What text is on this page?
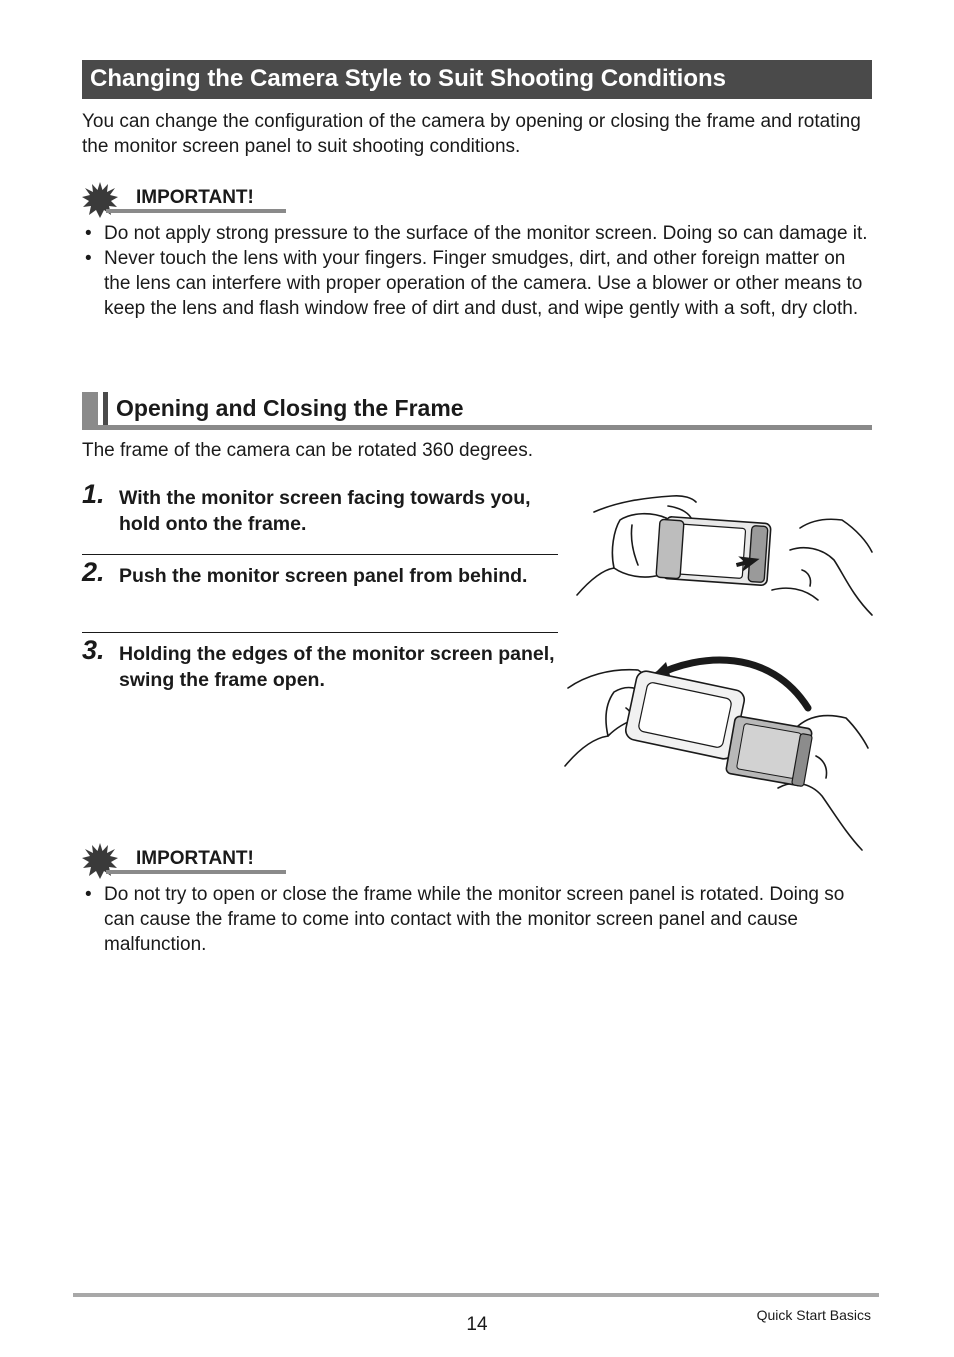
Changing the Camera Style to Suit Shooting Conditions

You can change the configuration of the camera by opening or closing the frame and rotating the monitor screen panel to suit shooting conditions.

IMPORTANT!
• Do not apply strong pressure to the surface of the monitor screen. Doing so can damage it.
• Never touch the lens with your fingers. Finger smudges, dirt, and other foreign matter on the lens can interfere with proper operation of the camera. Use a blower or other means to keep the lens and flash window free of dirt and dust, and wipe gently with a soft, dry cloth.
Opening and Closing the Frame

The frame of the camera can be rotated 360 degrees.

1. With the monitor screen facing towards you, hold onto the frame.
2. Push the monitor screen panel from behind.
3. Holding the edges of the monitor screen panel, swing the frame open.
IMPORTANT!
• Do not try to open or close the frame while the monitor screen panel is rotated. Doing so can cause the frame to come into contact with the monitor screen panel and cause malfunction.
14	Quick Start Basics
